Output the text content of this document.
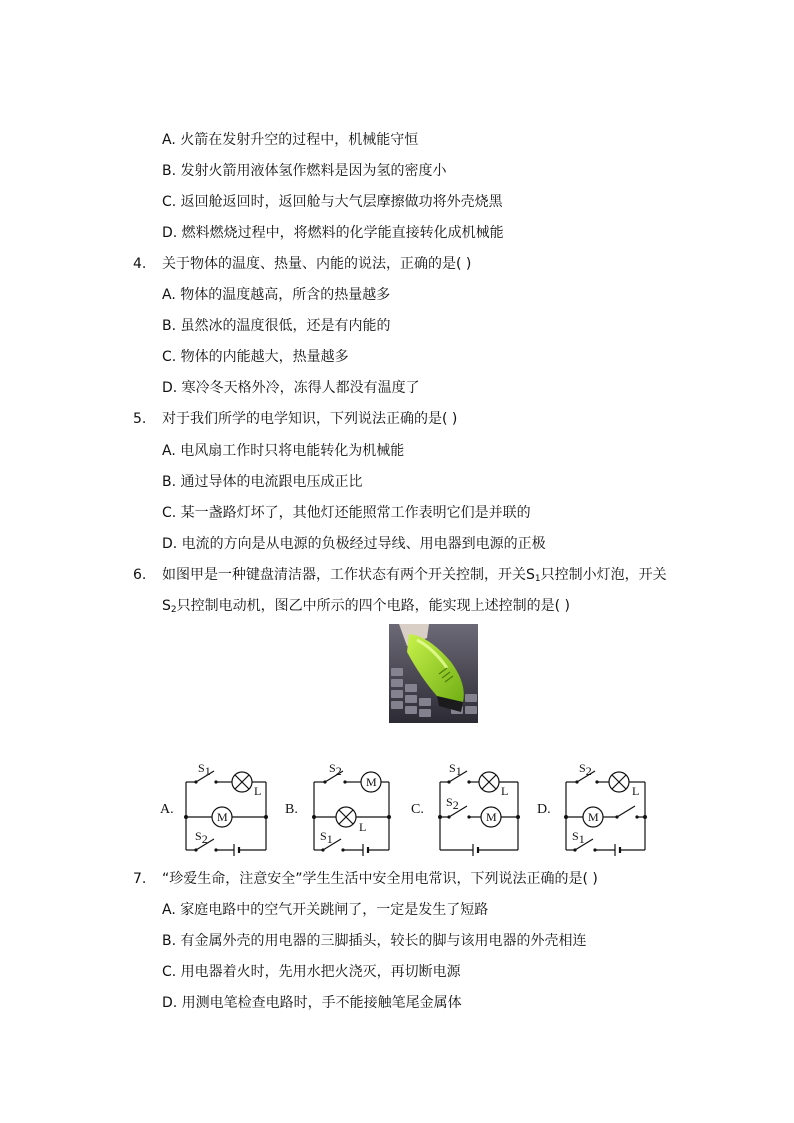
A. 火箭在发射升空的过程中，机械能守恒
B. 发射火箭用液体氢作燃料是因为氢的密度小
C. 返回舱返回时，返回舱与大气层摩擦做功将外壳烧黑
D. 燃料燃烧过程中，将燃料的化学能直接转化成机械能
4. 关于物体的温度、热量、内能的说法，正确的是( )
A. 物体的温度越高，所含的热量越多
B. 虽然冰的温度很低，还是有内能的
C. 物体的内能越大，热量越多
D. 寒冷冬天格外冷，冻得人都没有温度了
5. 对于我们所学的电学知识，下列说法正确的是( )
A. 电风扇工作时只将电能转化为机械能
B. 通过导体的电流跟电压成正比
C. 某一盏路灯坏了，其他灯还能照常工作表明它们是并联的
D. 电流的方向是从电源的负极经过导线、用电器到电源的正极
6. 如图甲是一种键盘清洁器，工作状态有两个开关控制，开关$S_1$只控制小灯泡，开关
$S_2$只控制电动机，图乙中所示的四个电路，能实现上述控制的是( )
A.
S1
L
M
S2
B.
S2
M
L
S1
C.
S1
L
S2
M	D.
S2
L
M
S1
7. “珍爱生命，注意安全”学生生活中安全用电常识，下列说法正确的是( )
A. 家庭电路中的空气开关跳闸了，一定是发生了短路
B. 有金属外壳的用电器的三脚插头，较长的脚与该用电器的外壳相连
C. 用电器着火时，先用水把火浇灭，再切断电源
D. 用测电笔检查电路时，手不能接触笔尾金属体
